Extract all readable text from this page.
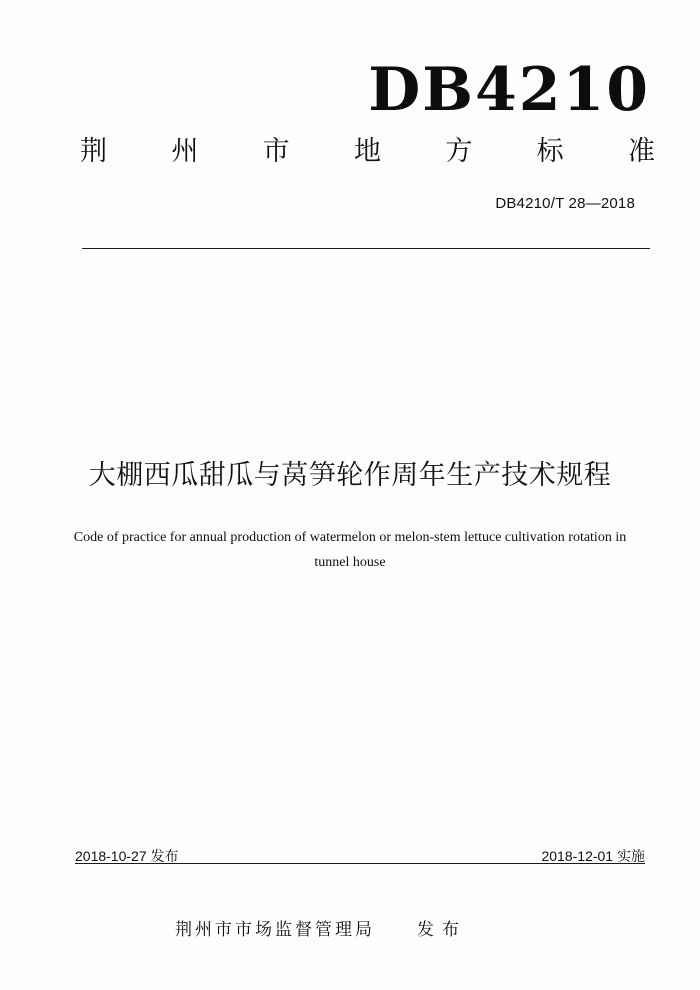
DB4210
荆 州 市 地 方 标 准
DB4210/T 28—2018
大棚西瓜甜瓜与莴笋轮作周年生产技术规程
Code of practice for annual production of watermelon or melon-stem lettuce cultivation rotation in
tunnel house
2018-10-27 发布	2018-12-01 实施
荆州市市场监督管理局 发布
